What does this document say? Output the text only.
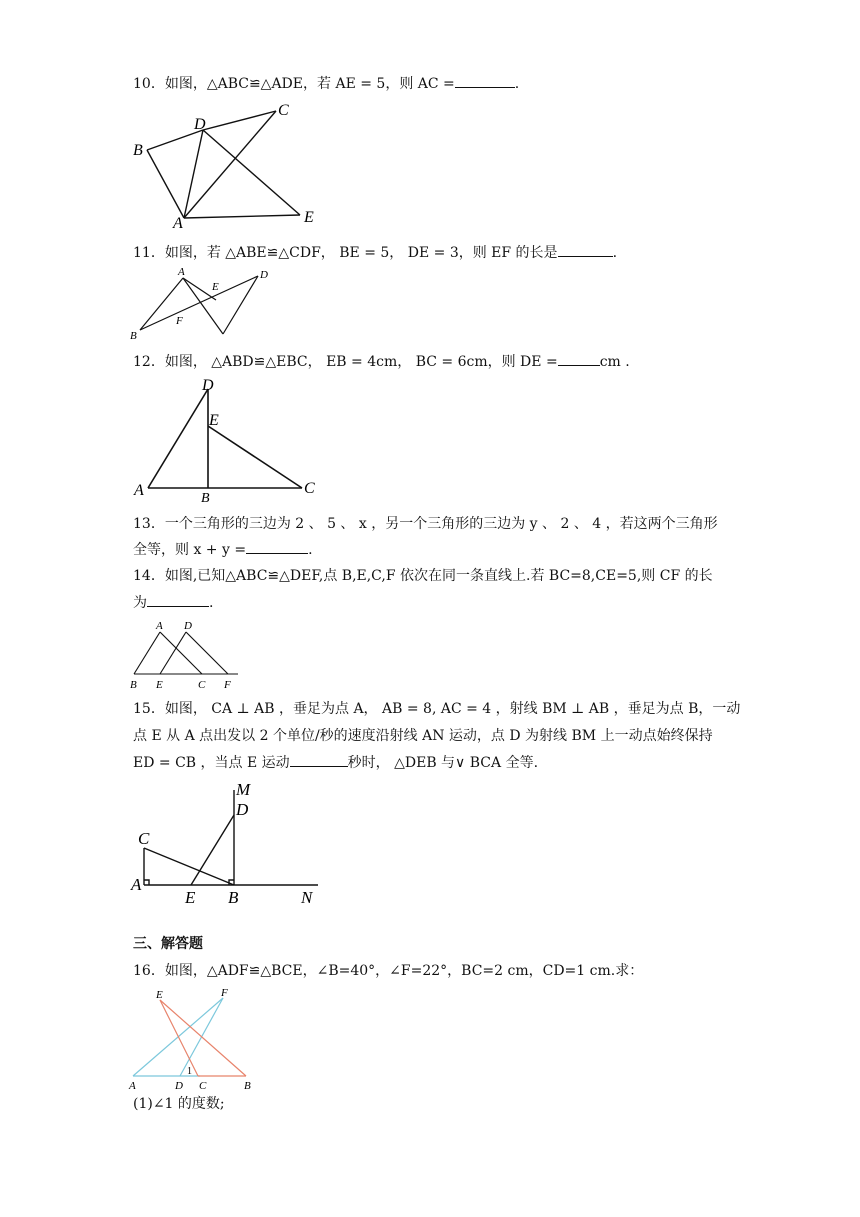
10．如图，△ABC≌△ADE，若 AE = 5，则 AC =	.
B
D
C
A	E
11．如图，若 △ABE≌△CDF， BE = 5， DE = 3，则 EF 的长是	.
A
E
D
F
B
12．如图， △ABD≌△EBC， EB = 4cm， BC = 6cm，则 DE =	cm .
A
D
E
B
C
13．一个三角形的三边为 2 、 5 、 x ，另一个三角形的三边为 y 、 2 、 4 ，若这两个三角形
全等，则 x + y =	.
14．如图,已知△ABC≌△DEF,点 B,E,C,F 依次在同一条直线上.若 BC=8,CE=5,则 CF 的长
为	.
A D
B E	C F
15．如图， CA ⊥ AB ，垂足为点 A， AB = 8, AC = 4 ，射线 BM ⊥ AB ，垂足为点 B，一动
点 E 从 A 点出发以 2 个单位/秒的速度沿射线 AN 运动，点 D 为射线 BM 上一动点始终保持
ED = CB ，当点 E 运动	秒时， △DEB 与∨ BCA 全等.
M
D
C
A
E B	N
三、解答题
16．如图，△ADF≌△BCE，∠B=40°，∠F=22°，BC=2 cm，CD=1 cm.求：
E	F
A	D C	B
1
(1)∠1 的度数;
